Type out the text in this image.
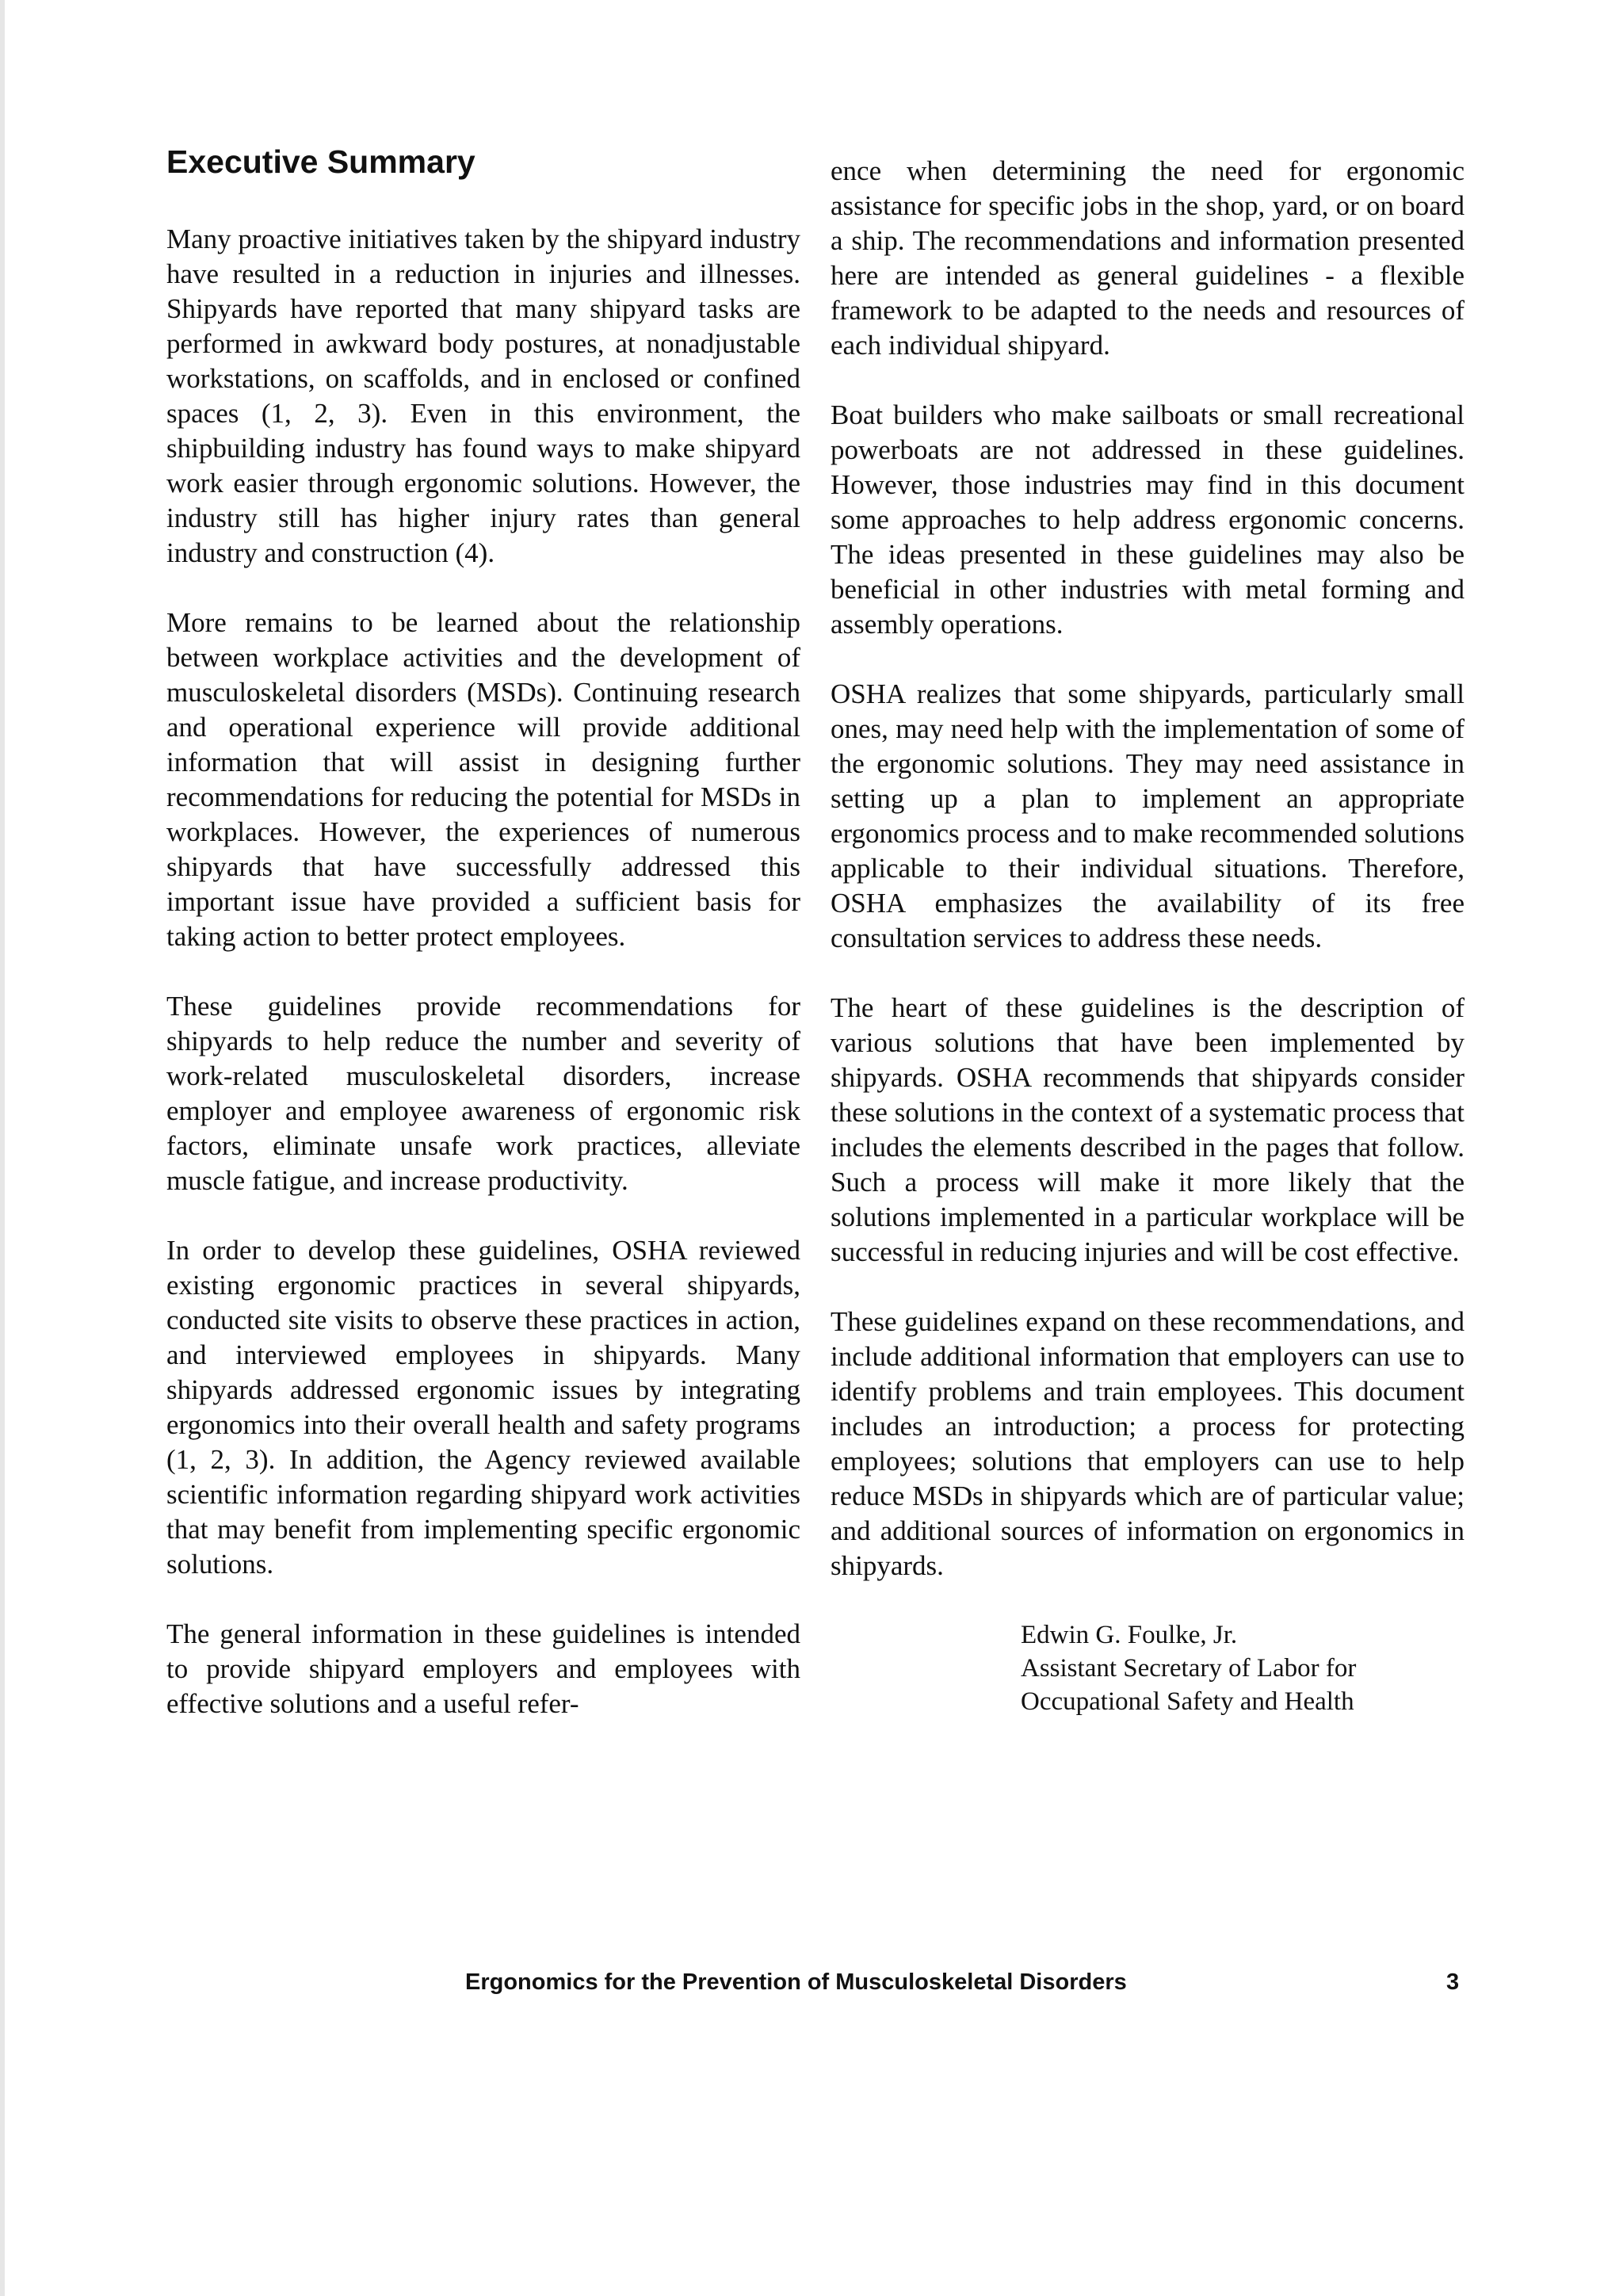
Executive Summary

Many proactive initiatives taken by the shipyard industry have resulted in a reduction in injuries and illnesses. Shipyards have reported that many shipyard tasks are performed in awkward body postures, at nonadjustable workstations, on scaffolds, and in enclosed or confined spaces (1, 2, 3). Even in this environment, the shipbuilding industry has found ways to make shipyard work easier through ergonomic solutions. However, the industry still has higher injury rates than general industry and construction (4).

More remains to be learned about the relationship between workplace activities and the development of musculoskeletal disorders (MSDs). Continuing research and operational experience will provide additional information that will assist in designing further recommendations for reducing the potential for MSDs in workplaces. However, the experiences of numerous shipyards that have successfully addressed this important issue have provided a sufficient basis for taking action to better protect employees.

These guidelines provide recommendations for shipyards to help reduce the number and severity of work-related musculoskeletal disorders, increase employer and employee awareness of ergonomic risk factors, eliminate unsafe work practices, alleviate muscle fatigue, and increase productivity.

In order to develop these guidelines, OSHA reviewed existing ergonomic practices in several shipyards, conducted site visits to observe these practices in action, and interviewed employees in shipyards. Many shipyards addressed ergonomic issues by integrating ergonomics into their overall health and safety programs (1, 2, 3). In addition, the Agency reviewed available scientific information regarding shipyard work activities that may benefit from implementing specific ergonomic solutions.

The general information in these guidelines is intended to provide shipyard employers and employees with effective solutions and a useful refer-

ence when determining the need for ergonomic assistance for specific jobs in the shop, yard, or on board a ship. The recommendations and information presented here are intended as general guidelines - a flexible framework to be adapted to the needs and resources of each individual shipyard.

Boat builders who make sailboats or small recreational powerboats are not addressed in these guidelines. However, those industries may find in this document some approaches to help address ergonomic concerns. The ideas presented in these guidelines may also be beneficial in other industries with metal forming and assembly operations.

OSHA realizes that some shipyards, particularly small ones, may need help with the implementation of some of the ergonomic solutions. They may need assistance in setting up a plan to implement an appropriate ergonomics process and to make recommended solutions applicable to their individual situations. Therefore, OSHA emphasizes the availability of its free consultation services to address these needs.

The heart of these guidelines is the description of various solutions that have been implemented by shipyards. OSHA recommends that shipyards consider these solutions in the context of a systematic process that includes the elements described in the pages that follow. Such a process will make it more likely that the solutions implemented in a particular workplace will be successful in reducing injuries and will be cost effective.

These guidelines expand on these recommendations, and include additional information that employers can use to identify problems and train employees. This document includes an introduction; a process for protecting employees; solutions that employers can use to help reduce MSDs in shipyards which are of particular value; and additional sources of information on ergonomics in shipyards.

Edwin G. Foulke, Jr.
Assistant Secretary of Labor for
Occupational Safety and Health
Ergonomics for the Prevention of Musculoskeletal Disorders	3
